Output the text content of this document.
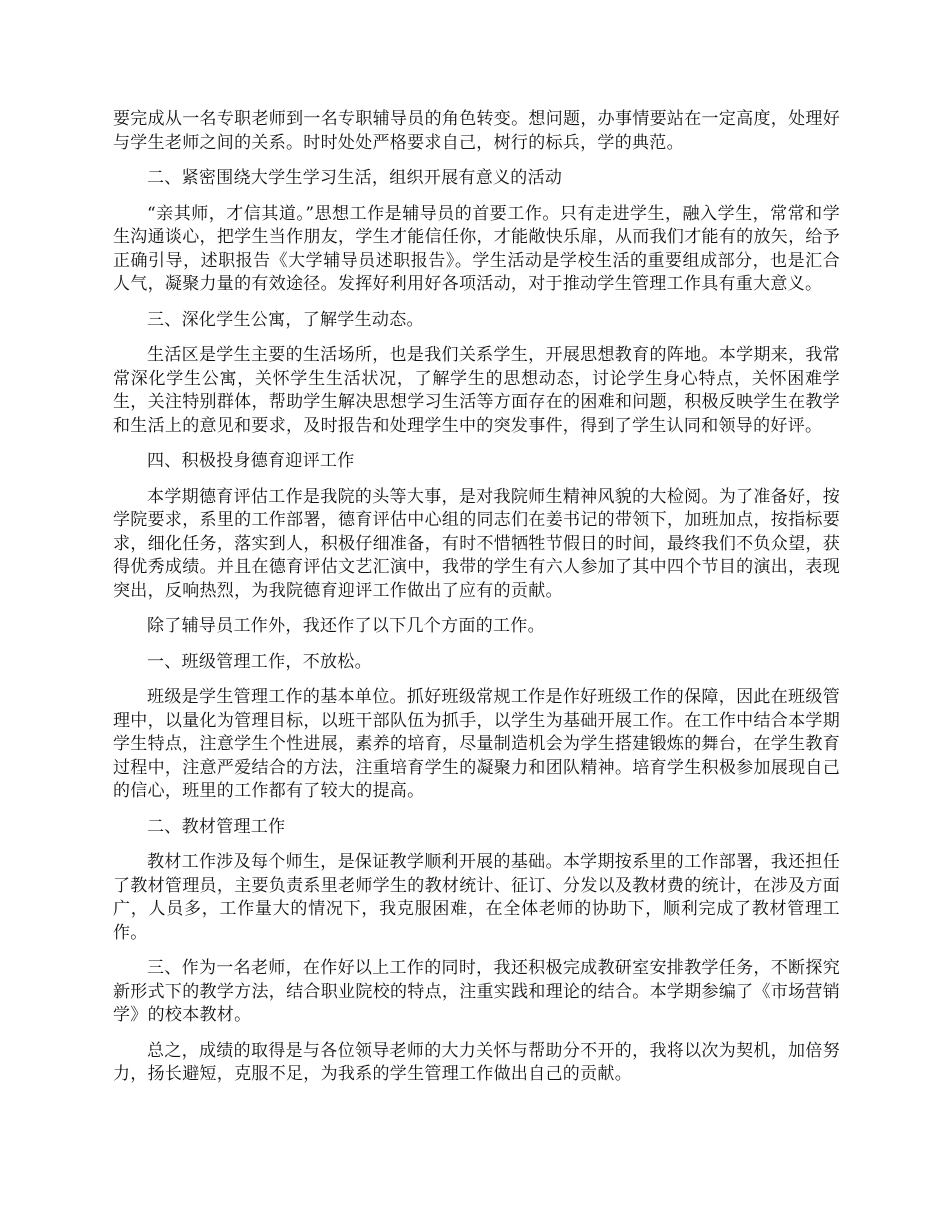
要完成从一名专职老师到一名专职辅导员的角色转变。想问题，办事情要站在一定高度，处理好与学生老师之间的关系。时时处处严格要求自己，树行的标兵，学的典范。

二、紧密围绕大学生学习生活，组织开展有意义的活动

“亲其师，才信其道。”思想工作是辅导员的首要工作。只有走进学生，融入学生，常常和学生沟通谈心，把学生当作朋友，学生才能信任你，才能敞快乐扉，从而我们才能有的放矢，给予正确引导，述职报告《大学辅导员述职报告》。学生活动是学校生活的重要组成部分，也是汇合人气，凝聚力量的有效途径。发挥好利用好各项活动，对于推动学生管理工作具有重大意义。

三、深化学生公寓，了解学生动态。

生活区是学生主要的生活场所，也是我们关系学生，开展思想教育的阵地。本学期来，我常常深化学生公寓，关怀学生生活状况，了解学生的思想动态，讨论学生身心特点，关怀困难学生，关注特别群体，帮助学生解决思想学习生活等方面存在的困难和问题，积极反映学生在教学和生活上的意见和要求，及时报告和处理学生中的突发事件，得到了学生认同和领导的好评。

四、积极投身德育迎评工作

本学期德育评估工作是我院的头等大事，是对我院师生精神风貌的大检阅。为了准备好，按学院要求，系里的工作部署，德育评估中心组的同志们在姜书记的带领下，加班加点，按指标要求，细化任务，落实到人，积极仔细准备，有时不惜牺牲节假日的时间，最终我们不负众望，获得优秀成绩。并且在德育评估文艺汇演中，我带的学生有六人参加了其中四个节目的演出，表现突出，反响热烈，为我院德育迎评工作做出了应有的贡献。

除了辅导员工作外，我还作了以下几个方面的工作。

一、班级管理工作，不放松。

班级是学生管理工作的基本单位。抓好班级常规工作是作好班级工作的保障，因此在班级管理中，以量化为管理目标，以班干部队伍为抓手，以学生为基础开展工作。在工作中结合本学期学生特点，注意学生个性进展，素养的培育，尽量制造机会为学生搭建锻炼的舞台，在学生教育过程中，注意严爱结合的方法，注重培育学生的凝聚力和团队精神。培育学生积极参加展现自己的信心，班里的工作都有了较大的提高。

二、教材管理工作

教材工作涉及每个师生，是保证教学顺利开展的基础。本学期按系里的工作部署，我还担任了教材管理员，主要负责系里老师学生的教材统计、征订、分发以及教材费的统计，在涉及方面广，人员多，工作量大的情况下，我克服困难，在全体老师的协助下，顺利完成了教材管理工作。

三、作为一名老师，在作好以上工作的同时，我还积极完成教研室安排教学任务，不断探究新形式下的教学方法，结合职业院校的特点，注重实践和理论的结合。本学期参编了《市场营销学》的校本教材。

总之，成绩的取得是与各位领导老师的大力关怀与帮助分不开的，我将以次为契机，加倍努力，扬长避短，克服不足，为我系的学生管理工作做出自己的贡献。
